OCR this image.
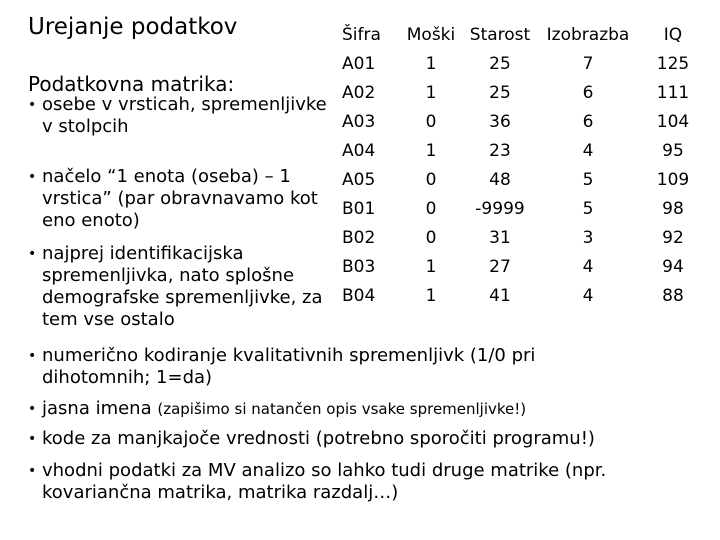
Urejanje podatkov
Podatkovna matrika:
• osebe v vrsticah, spremenljivke v stolpcih
• načelo “1 enota (oseba) – 1 vrstica” (par obravnavamo kot eno enoto)
• najprej identifikacijska spremenljivka, nato splošne demografske spremenljivke, za tem vse ostalo
• numerično kodiranje kvalitativnih spremenljivk (1/0 pri dihotomnih; 1=da)
• jasna imena (zapišimo si natančen opis vsake spremenljivke!)
• kode za manjkajoče vrednosti (potrebno sporočiti programu!)
• vhodni podatki za MV analizo so lahko tudi druge matrike (npr. kovariančna matrika, matrika razdalj…)
Šifra	Moški	Starost	Izobrazba	IQ
A01	1	25	7	125
A02	1	25	6	111
A03	0	36	6	104
A04	1	23	4	95
A05	0	48	5	109
B01	0	-9999	5	98
B02	0	31	3	92
B03	1	27	4	94
B04	1	41	4	88
